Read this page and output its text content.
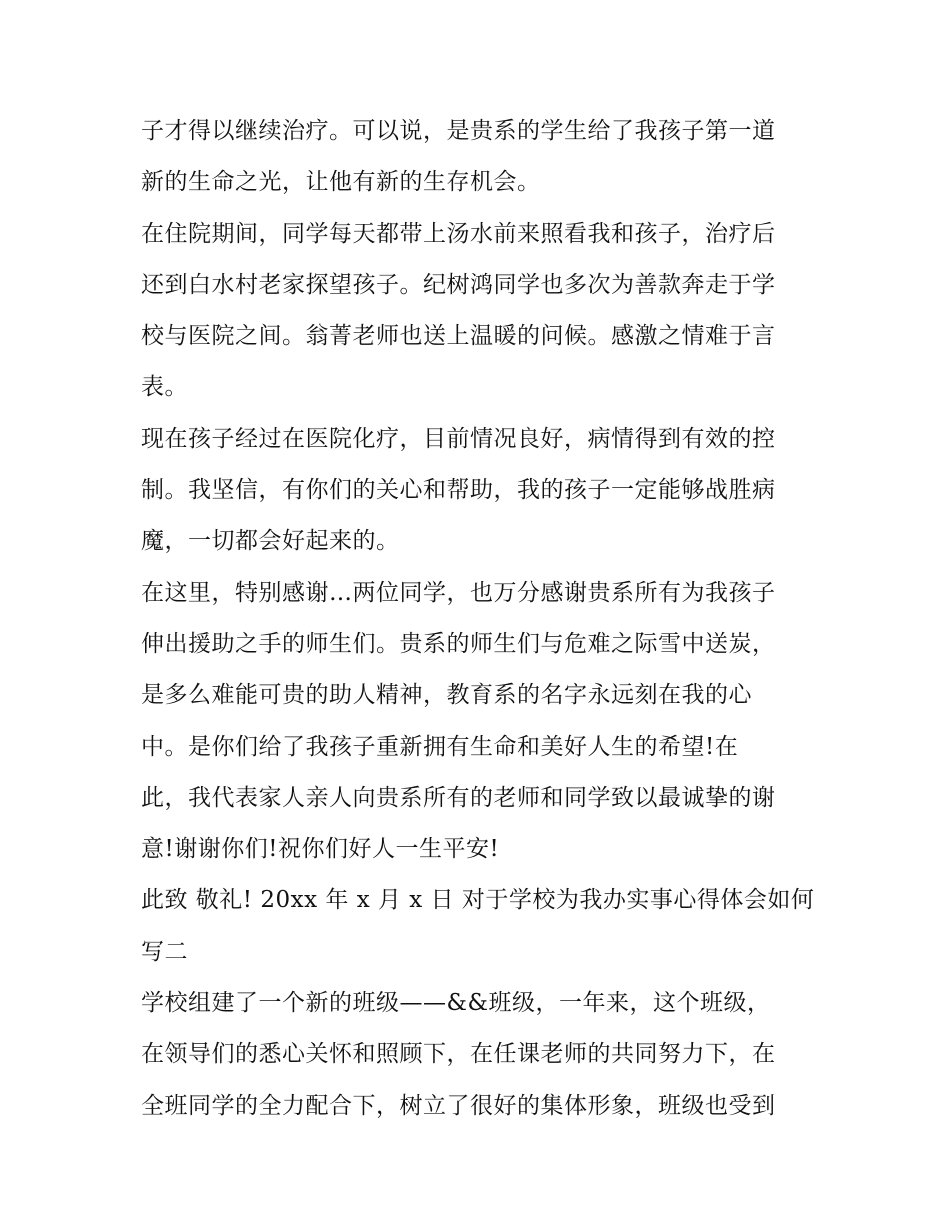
子才得以继续治疗。可以说，是贵系的学生给了我孩子第一道
新的生命之光，让他有新的生存机会。
在住院期间，同学每天都带上汤水前来照看我和孩子，治疗后
还到白水村老家探望孩子。纪树鸿同学也多次为善款奔走于学
校与医院之间。翁菁老师也送上温暖的问候。感激之情难于言
表。
现在孩子经过在医院化疗，目前情况良好，病情得到有效的控
制。我坚信，有你们的关心和帮助，我的孩子一定能够战胜病
魔，一切都会好起来的。
在这里，特别感谢…两位同学，也万分感谢贵系所有为我孩子
伸出援助之手的师生们。贵系的师生们与危难之际雪中送炭，
是多么难能可贵的助人精神，教育系的名字永远刻在我的心
中。是你们给了我孩子重新拥有生命和美好人生的希望!在
此，我代表家人亲人向贵系所有的老师和同学致以最诚挚的谢
意!谢谢你们!祝你们好人一生平安!
此致 敬礼! 20xx 年 x 月 x 日 对于学校为我办实事心得体会如何
写二
学校组建了一个新的班级——&&班级，一年来，这个班级，
在领导们的悉心关怀和照顾下，在任课老师的共同努力下，在
全班同学的全力配合下，树立了很好的集体形象，班级也受到
